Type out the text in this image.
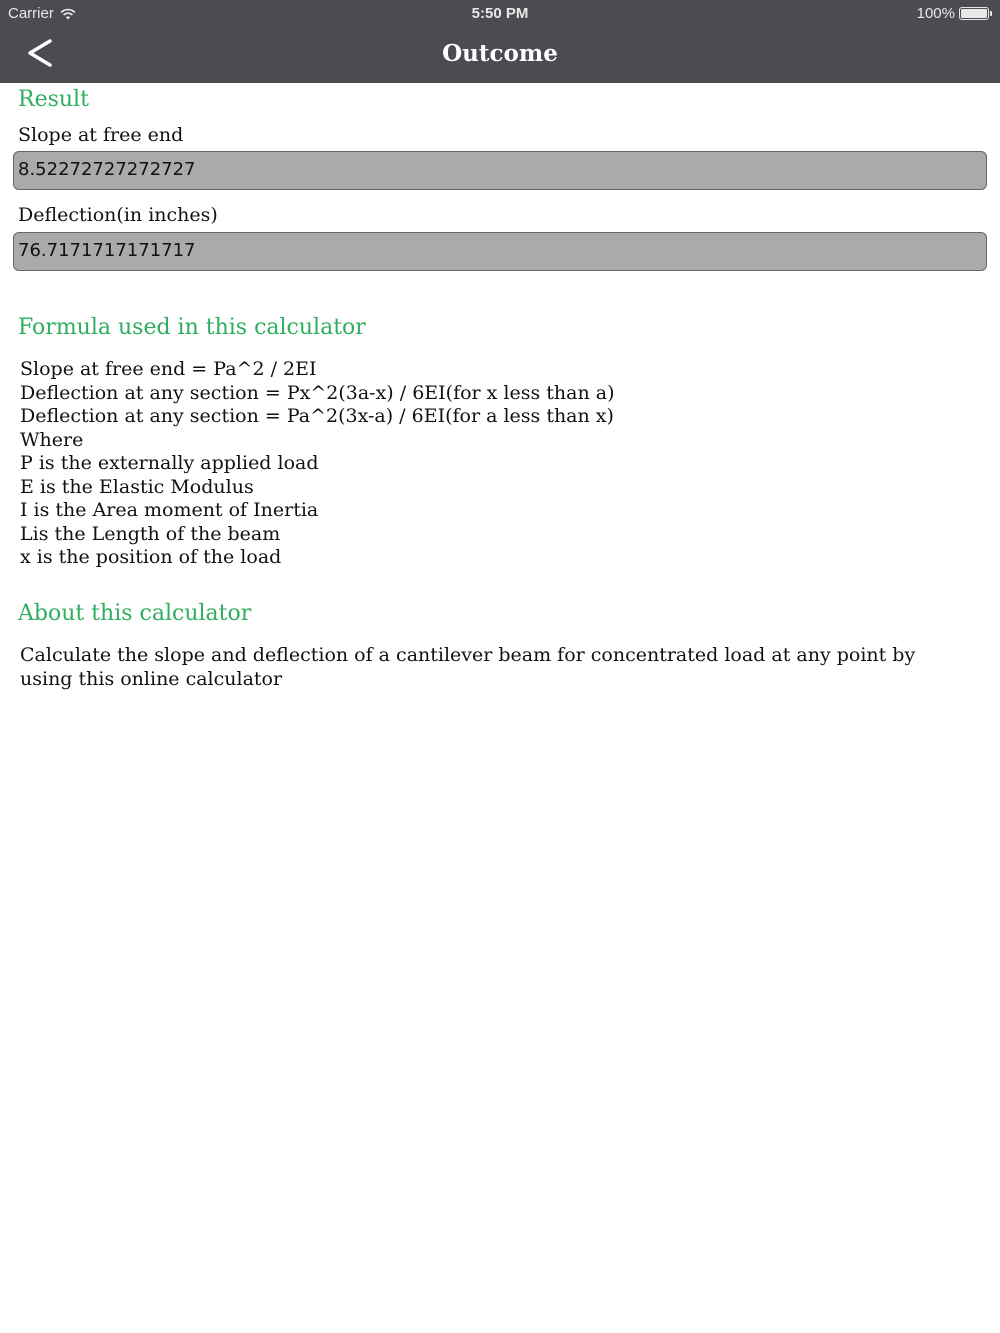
Carrier	5:50 PM	100%
Outcome
Result
Slope at free end
8.52272727272727
Deflection(in inches)
76.7171717171717
Formula used in this calculator
Slope at free end = Pa^2 / 2EI
Deflection at any section = Px^2(3a-x) / 6EI(for x less than a)
Deflection at any section = Pa^2(3x-a) / 6EI(for a less than x)
Where
P is the externally applied load
E is the Elastic Modulus
I is the Area moment of Inertia
Lis the Length of the beam
x is the position of the load
About this calculator
Calculate the slope and deflection of a cantilever beam for concentrated load at any point by using this online calculator
